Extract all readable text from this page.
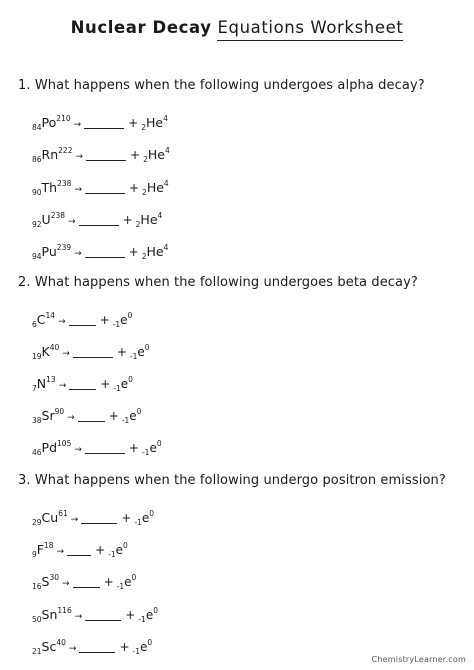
Nuclear Decay Equations Worksheet
1. What happens when the following undergoes alpha decay?
2. What happens when the following undergoes beta decay?
3. What happens when the following undergo positron emission?
$_{84}Po^{210}\to$	+ $_2He^4$
$_{86}Rn^{222}\to$	+ $_2He^4$
$_{90}Th^{238}\to$	+ $_2He^4$
$_{92}U^{238}\to$	+ $_2He^4$
$_{94}Pu^{239}\to$	+ $_2He^4$
$_6C^{14}\to$	+ $_{-1}e^0$
$_{19}K^{40}\to$	+ $_{-1}e^0$
$_7N^{13}\to$	+ $_{-1}e^0$
$_{38}Sr^{90}\to$	+ $_{-1}e^0$
$_{46}Pd^{105}\to$	+ $_{-1}e^0$
$_{29}Cu^{61}\to$	+ $_{-1}e^0$
$_9F^{18}\to$	+ $_{-1}e^0$
$_{16}S^{30}\to$	+ $_{-1}e^0$
$_{50}Sn^{116}\to$	+ $_{-1}e^0$
$_{21}Sc^{40}\to$	+ $_{-1}e^0$
ChemistryLearner.com
